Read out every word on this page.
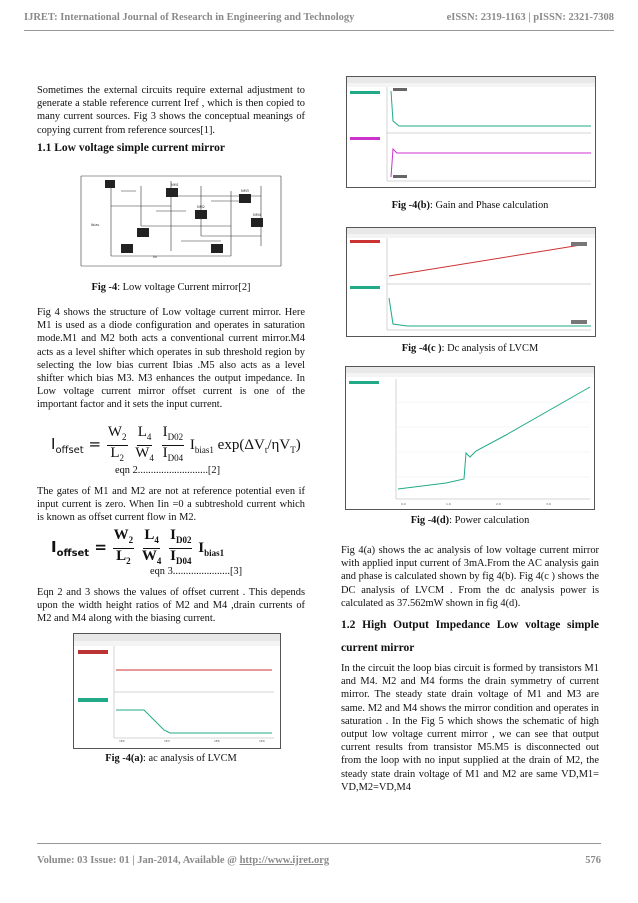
IJRET: International Journal of Research in Engineering and Technology	eISSN: 2319-1163 | pISSN: 2321-7308

Sometimes the external circuits require external adjustment to generate a stable reference current Iref , which is then copied to many current sources. Fig 3 shows the conceptual meanings of copying current from reference sources[1].

1.1 Low voltage simple current mirror
NM1
NM3
NM2
NM4
Ibias
Iin
Fig -4: Low voltage Current mirror[2]

Fig 4 shows the structure of Low voltage current mirror. Here M1 is used as a diode configuration and operates in saturation mode.M1 and M2 both acts a conventional current mirror.M4 acts as a level shifter which operates in sub threshold region by selecting the low bias current Ibias .M5 also acts as a level shifter which bias M3. M3 enhances the output impedance. In Low voltage current mirror offset current is one of the important factor and it sets the input current.

$I_{offset} = \frac{W_2}{L_2}$
$\frac{L_4}{W_4}$
$\frac{I_{D02}}{I_{D04}} I_{bias1}$ $\exp(\Delta V_t/\eta V_T)$
eqn 2...........................[2]

The gates of M1 and M2 are not at reference potential even if input current is zero. When Iin =0 a subtreshold current which is known as offset current flow in M2.

$I_{offset} = \frac{W_2}{L_2}$
$\frac{L_4}{W_4}$
$\frac{I_{D02}}{I_{D04}} I_{bias1}$
eqn 3......................[3]

Eqn 2 and 3 shows the values of offset current . This depends upon the width height ratios of M2 and M4 ,drain currents of M2 and M4 along with the biasing current.

1E0	1E3	1E6	1E9
Fig -4(a): ac analysis of LVCM
Fig -4(b): Gain and Phase calculation
Fig -4(c ): Dc analysis of LVCM
0.0	1.0	2.0	3.0
Fig -4(d): Power calculation

Fig 4(a) shows the ac analysis of low voltage current mirror with applied input current of 3mA.From the AC analysis gain and phase is calculated shown by fig 4(b). Fig 4(c ) shows the DC analysis of LVCM . From the dc analysis power is calculated as 37.562mW shown in fig 4(d).

1.2 High Output Impedance Low voltage simple current mirror

In the circuit the loop bias circuit is formed by transistors M1 and M4. M2 and M4 forms the drain symmetry of current mirror. The steady state drain voltage of M1 and M3 are same. M2 and M4 shows the mirror condition and operates in saturation . In the Fig 5 which shows the schematic of high output low voltage current mirror , we can see that output current results from transistor M5.M5 is disconnected out from the loop with no input supplied at the drain of M2, the steady state drain voltage of M1 and M2 are same VD,M1= VD,M2=VD,M4

Volume: 03 Issue: 01 | Jan-2014, Available @ http://www.ijret.org	576
